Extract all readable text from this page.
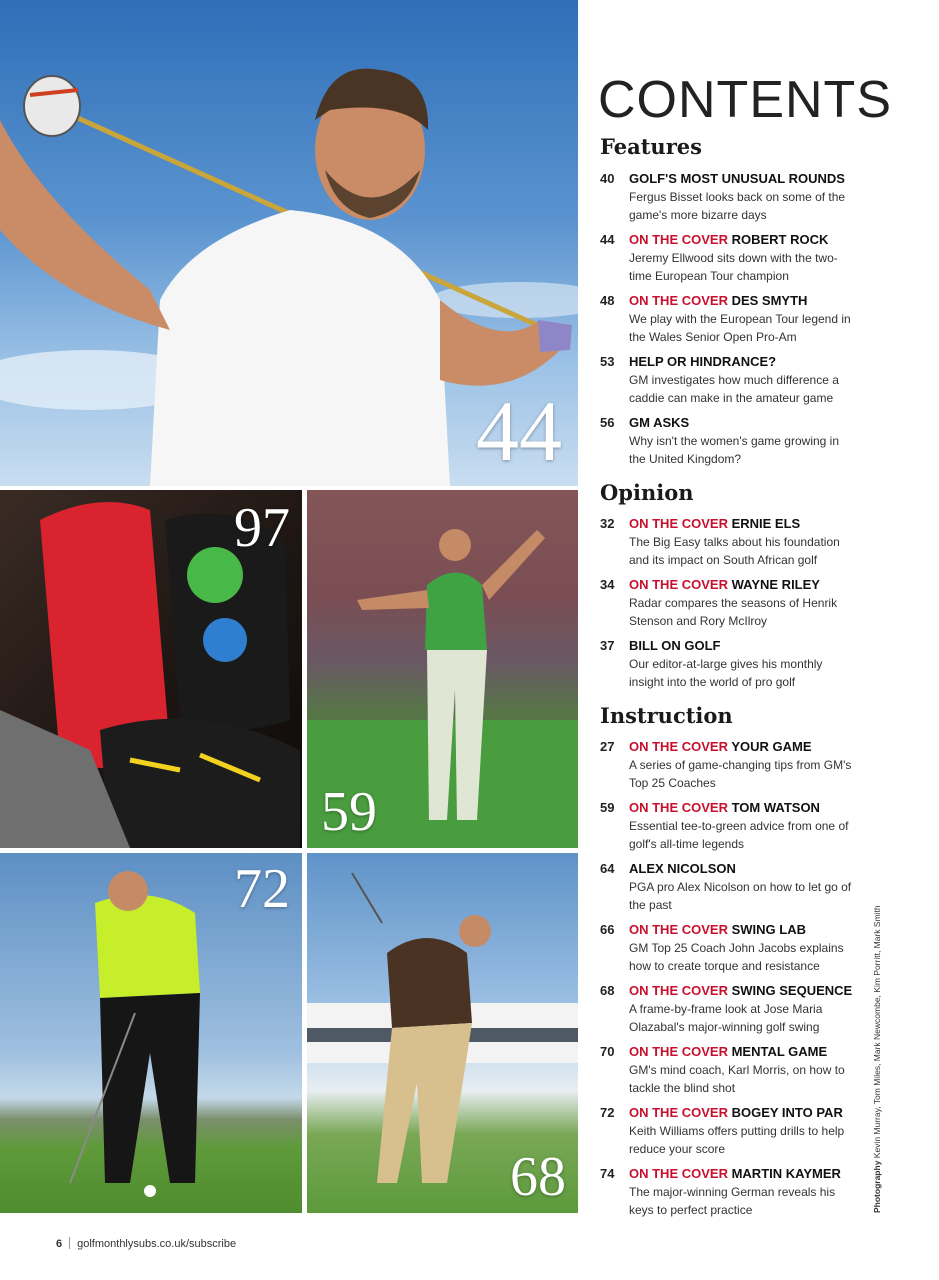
44
97
59
72
68
CONTENTS
Features
40	GOLF'S MOST UNUSUAL ROUNDS
Fergus Bisset looks back on some of the game's more bizarre days
44	ON THE COVER ROBERT ROCK
Jeremy Ellwood sits down with the two-time European Tour champion
48	ON THE COVER DES SMYTH
We play with the European Tour legend in the Wales Senior Open Pro-Am
53	HELP OR HINDRANCE?
GM investigates how much difference a caddie can make in the amateur game
56	GM ASKS
Why isn't the women's game growing in the United Kingdom?
Opinion
32	ON THE COVER ERNIE ELS
The Big Easy talks about his foundation and its impact on South African golf
34	ON THE COVER WAYNE RILEY
Radar compares the seasons of Henrik Stenson and Rory McIlroy
37	BILL ON GOLF
Our editor-at-large gives his monthly insight into the world of pro golf
Instruction
27	ON THE COVER YOUR GAME
A series of game-changing tips from GM's Top 25 Coaches
59	ON THE COVER TOM WATSON
Essential tee-to-green advice from one of golf's all-time legends
64	ALEX NICOLSON
PGA pro Alex Nicolson on how to let go of the past
66	ON THE COVER SWING LAB
GM Top 25 Coach John Jacobs explains how to create torque and resistance
68	ON THE COVER SWING SEQUENCE
A frame-by-frame look at Jose Maria Olazabal's major-winning golf swing
70	ON THE COVER MENTAL GAME
GM's mind coach, Karl Morris, on how to tackle the blind shot
72	ON THE COVER BOGEY INTO PAR
Keith Williams offers putting drills to help reduce your score
74	ON THE COVER MARTIN KAYMER
The major-winning German reveals his keys to perfect practice	Photography Kevin Murray, Tom Miles, Mark Newcombe, Kim Porritt, Mark Smith
6 golfmonthlysubs.co.uk/subscribe
